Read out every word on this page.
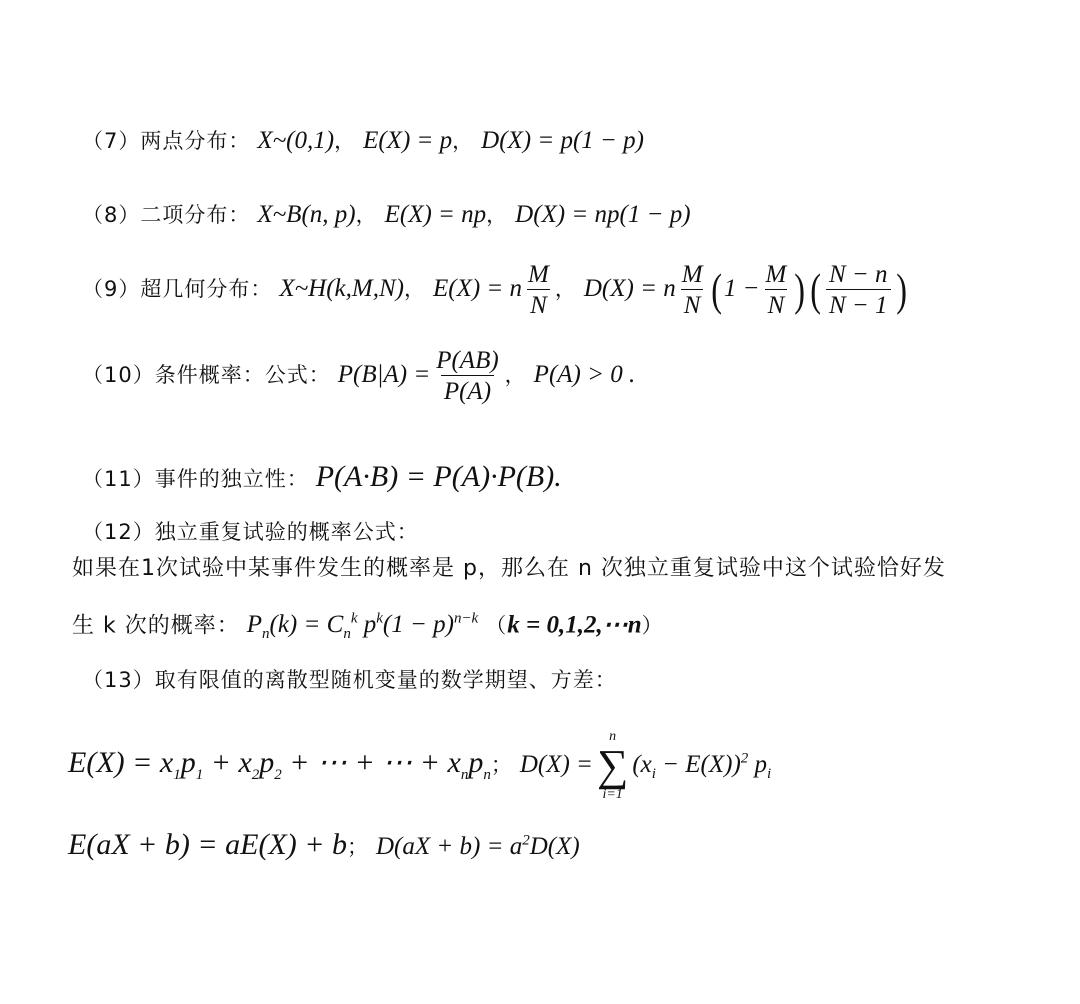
（7）两点分布： X~(0,1)， E(X) = p， D(X) = p(1 − p)
（8）二项分布： X~B(n, p)， E(X) = np， D(X) = np(1 − p)
（9）超几何分布： X~H(k,M,N)， E(X) = n $\frac{M}{N}$ ， D(X) = n $\frac{M}{N} (1 - \frac{M}{N}$ )( $\frac{N - n}{N - 1}$ )
（10）条件概率：公式： $P(B|A) = \frac{P(AB)}{P(A)}$ ， P(A) > 0 .
（11）事件的独立性： P(A·B) = P(A)·P(B).
（12）独立重复试验的概率公式：
如果在1次试验中某事件发生的概率是 p，那么在 n 次独立重复试验中这个试验恰好发
生 k 次的概率： $P_n(k) = C_n^k$ $p^k(1 - p)^{n-k}$ （k = 0,1,2,⋯n）
（13）取有限值的离散型随机变量的数学期望、方差：
$E(X) = x_1p_1 + x_2p_2$ + ⋯ + ⋯ + $x_np_n$； D(X) =
n
∑
i=1
$(x_i - E(X))^2$ $p_i$
E(aX + b) = aE(X) + b； $D(aX + b) = a^2D(X)$
